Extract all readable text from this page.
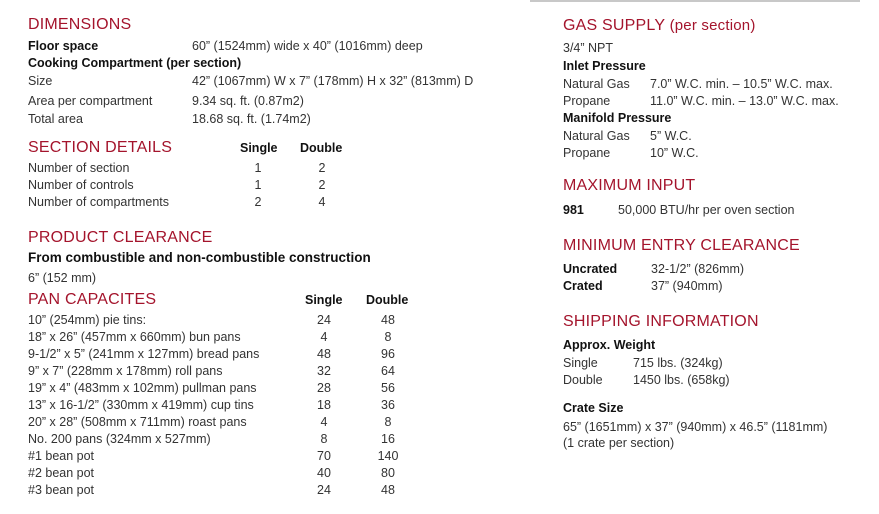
DIMENSIONS
Floor space	60” (1524mm) wide x 40” (1016mm) deep
Cooking Compartment (per section)
Size	42” (1067mm) W x 7” (178mm) H x 32” (813mm) D
Area per compartment	9.34 sq. ft. (0.87m2)
Total area	18.68 sq. ft. (1.74m2)
SECTION DETAILS	Single Double
Number of section	1	2
Number of controls	1	2
Number of compartments	2	4
PRODUCT CLEARANCE
From combustible and non-combustible construction
6” (152 mm)
PAN CAPACITES	Single Double
10” (254mm) pie tins:	24	48
18” x 26” (457mm x 660mm) bun pans	4	8
9-1/2” x 5” (241mm x 127mm) bread pans	48	96
9” x 7” (228mm x 178mm) roll pans	32	64
19” x 4” (483mm x 102mm) pullman pans	28	56
13” x 16-1/2” (330mm x 419mm) cup tins	18	36
20” x 28” (508mm x 711mm) roast pans	4	8
No. 200 pans (324mm x 527mm)	8	16
#1 bean pot	70	140
#2 bean pot	40	80
#3 bean pot	24	48
GAS SUPPLY (per section)
3/4” NPT
Inlet Pressure
Natural Gas 7.0” W.C. min. – 10.5” W.C. max.
Propane	11.0” W.C. min. – 13.0” W.C. max.
Manifold Pressure
Natural Gas 5” W.C.
Propane	10” W.C.
MAXIMUM INPUT
981	50,000 BTU/hr per oven section
MINIMUM ENTRY CLEARANCE
Uncrated	32-1/2” (826mm)
Crated	37” (940mm)
SHIPPING INFORMATION
Approx. Weight
Single	715 lbs. (324kg)
Double 1450 lbs. (658kg)
Crate Size
65” (1651mm) x 37” (940mm) x 46.5” (1181mm)
(1 crate per section)
